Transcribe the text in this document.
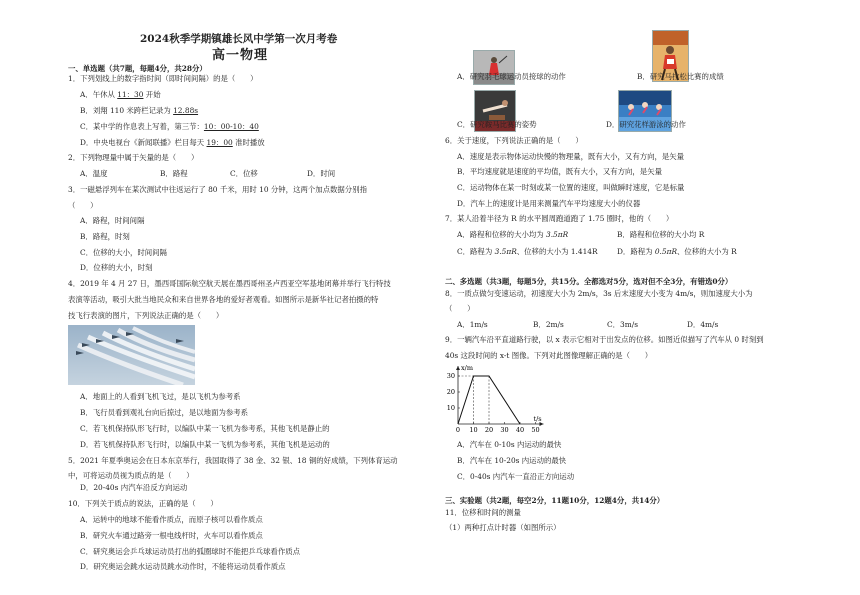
2024秋季学期镇雄长风中学第一次月考卷
高一物理
一、单选题（共7题，每题4分，共28分）
1．下列划线上的数字指时间（即时间间隔）的是（　　）
A．午休从 11：30 开始
B．刘翔 110 米跨栏记录为 12.88s
C．某中学的作息表上写着，第三节：10：00-10：40
D．中央电视台《新闻联播》栏目每天 19：00 准时播放
2．下列物理量中属于矢量的是（　　）
A．温度	B．路程	C．位移	D．时间
3．一磁悬浮列车在某次测试中往返运行了 80 千米，用时 10 分钟，这两个加点数据分别指
（　　）
A．路程，时间间隔
B．路程，时刻
C．位移的大小，时间间隔
D．位移的大小，时刻
4．2019 年 4 月 27 日，墨西哥国际航空航天展在墨西哥州圣卢西亚空军基地闭幕并举行飞行特技
表演等活动，吸引大批当地民众和来自世界各地的爱好者观看。如图所示是新华社记者拍摄的特
技飞行表演的图片，下列说法正确的是（　　）
A．地面上的人看到飞机飞过，是以飞机为参考系
B．飞行员看到观礼台向后掠过，是以地面为参考系
C．若飞机保持队形飞行时，以编队中某一飞机为参考系，其他飞机是静止的
D．若飞机保持队形飞行时，以编队中某一飞机为参考系，其他飞机是运动的
5．2021 年夏季奥运会在日本东京举行，我国取得了 38 金、32 银、18 铜的好成绩，下列体育运动
中，可将运动员视为质点的是（　　）
D．20-40s 内汽车沿反方向运动
10．下列关于质点的说法，正确的是（　　）
A．运转中的地球不能看作质点，而原子核可以看作质点
B．研究火车通过路旁一根电线杆时，火车可以看作质点
C．研究奥运会乒乓球运动员打出的弧圈球时不能把乒乓球看作质点
D．研究奥运会跳水运动员跳水动作时，不能将运动员看作质点
A．研究羽毛球运动员接球的动作	B．研究马拉松比赛的成绩
C．研究鞍马比赛的姿势	D．研究花样游泳的动作
6．关于速度，下列说法正确的是（　　）
A．速度是表示物体运动快慢的物理量，既有大小，又有方向，是矢量
B．平均速度就是速度的平均值，既有大小，又有方向，是矢量
C．运动物体在某一时刻或某一位置的速度，叫做瞬时速度，它是标量
D．汽车上的速度计是用来测量汽车平均速度大小的仪器
7．某人沿着半径为 R 的水平圆周跑道跑了 1.75 圈时，他的（　　）
A．路程和位移的大小均为 3.5πR	B．路程和位移的大小均 R
C．路程为 3.5πR、位移的大小为 1.414R	D．路程为 0.5πR、位移的大小为 R
二、多选题（共3题，每题5分，共15分。全都选对5分，选对但不全3分，有错选0分）
8．一质点做匀变速运动，初速度大小为 2m/s，3s 后末速度大小变为 4m/s，则加速度大小为
（　　）
A．1m/s	B．2m/s	C．3m/s	D．4m/s
9．一辆汽车沿平直道路行驶，以 x 表示它相对于出发点的位移。如图近似描写了汽车从 0 时刻到
40s 这段时间的 x-t 图像。下列对此图像理解正确的是（　　）
x/m
t/s
30
20
10
0 10 20 30 40 50
A．汽车在 0-10s 内运动的最快
B．汽车在 10-20s 内运动的最快
C．0-40s 内汽车一直沿正方向运动
三、实验题（共2题，每空2分，11题10分，12题4分，共14分）
11．位移和时间的测量
（1）两种打点计时器（如图所示）
